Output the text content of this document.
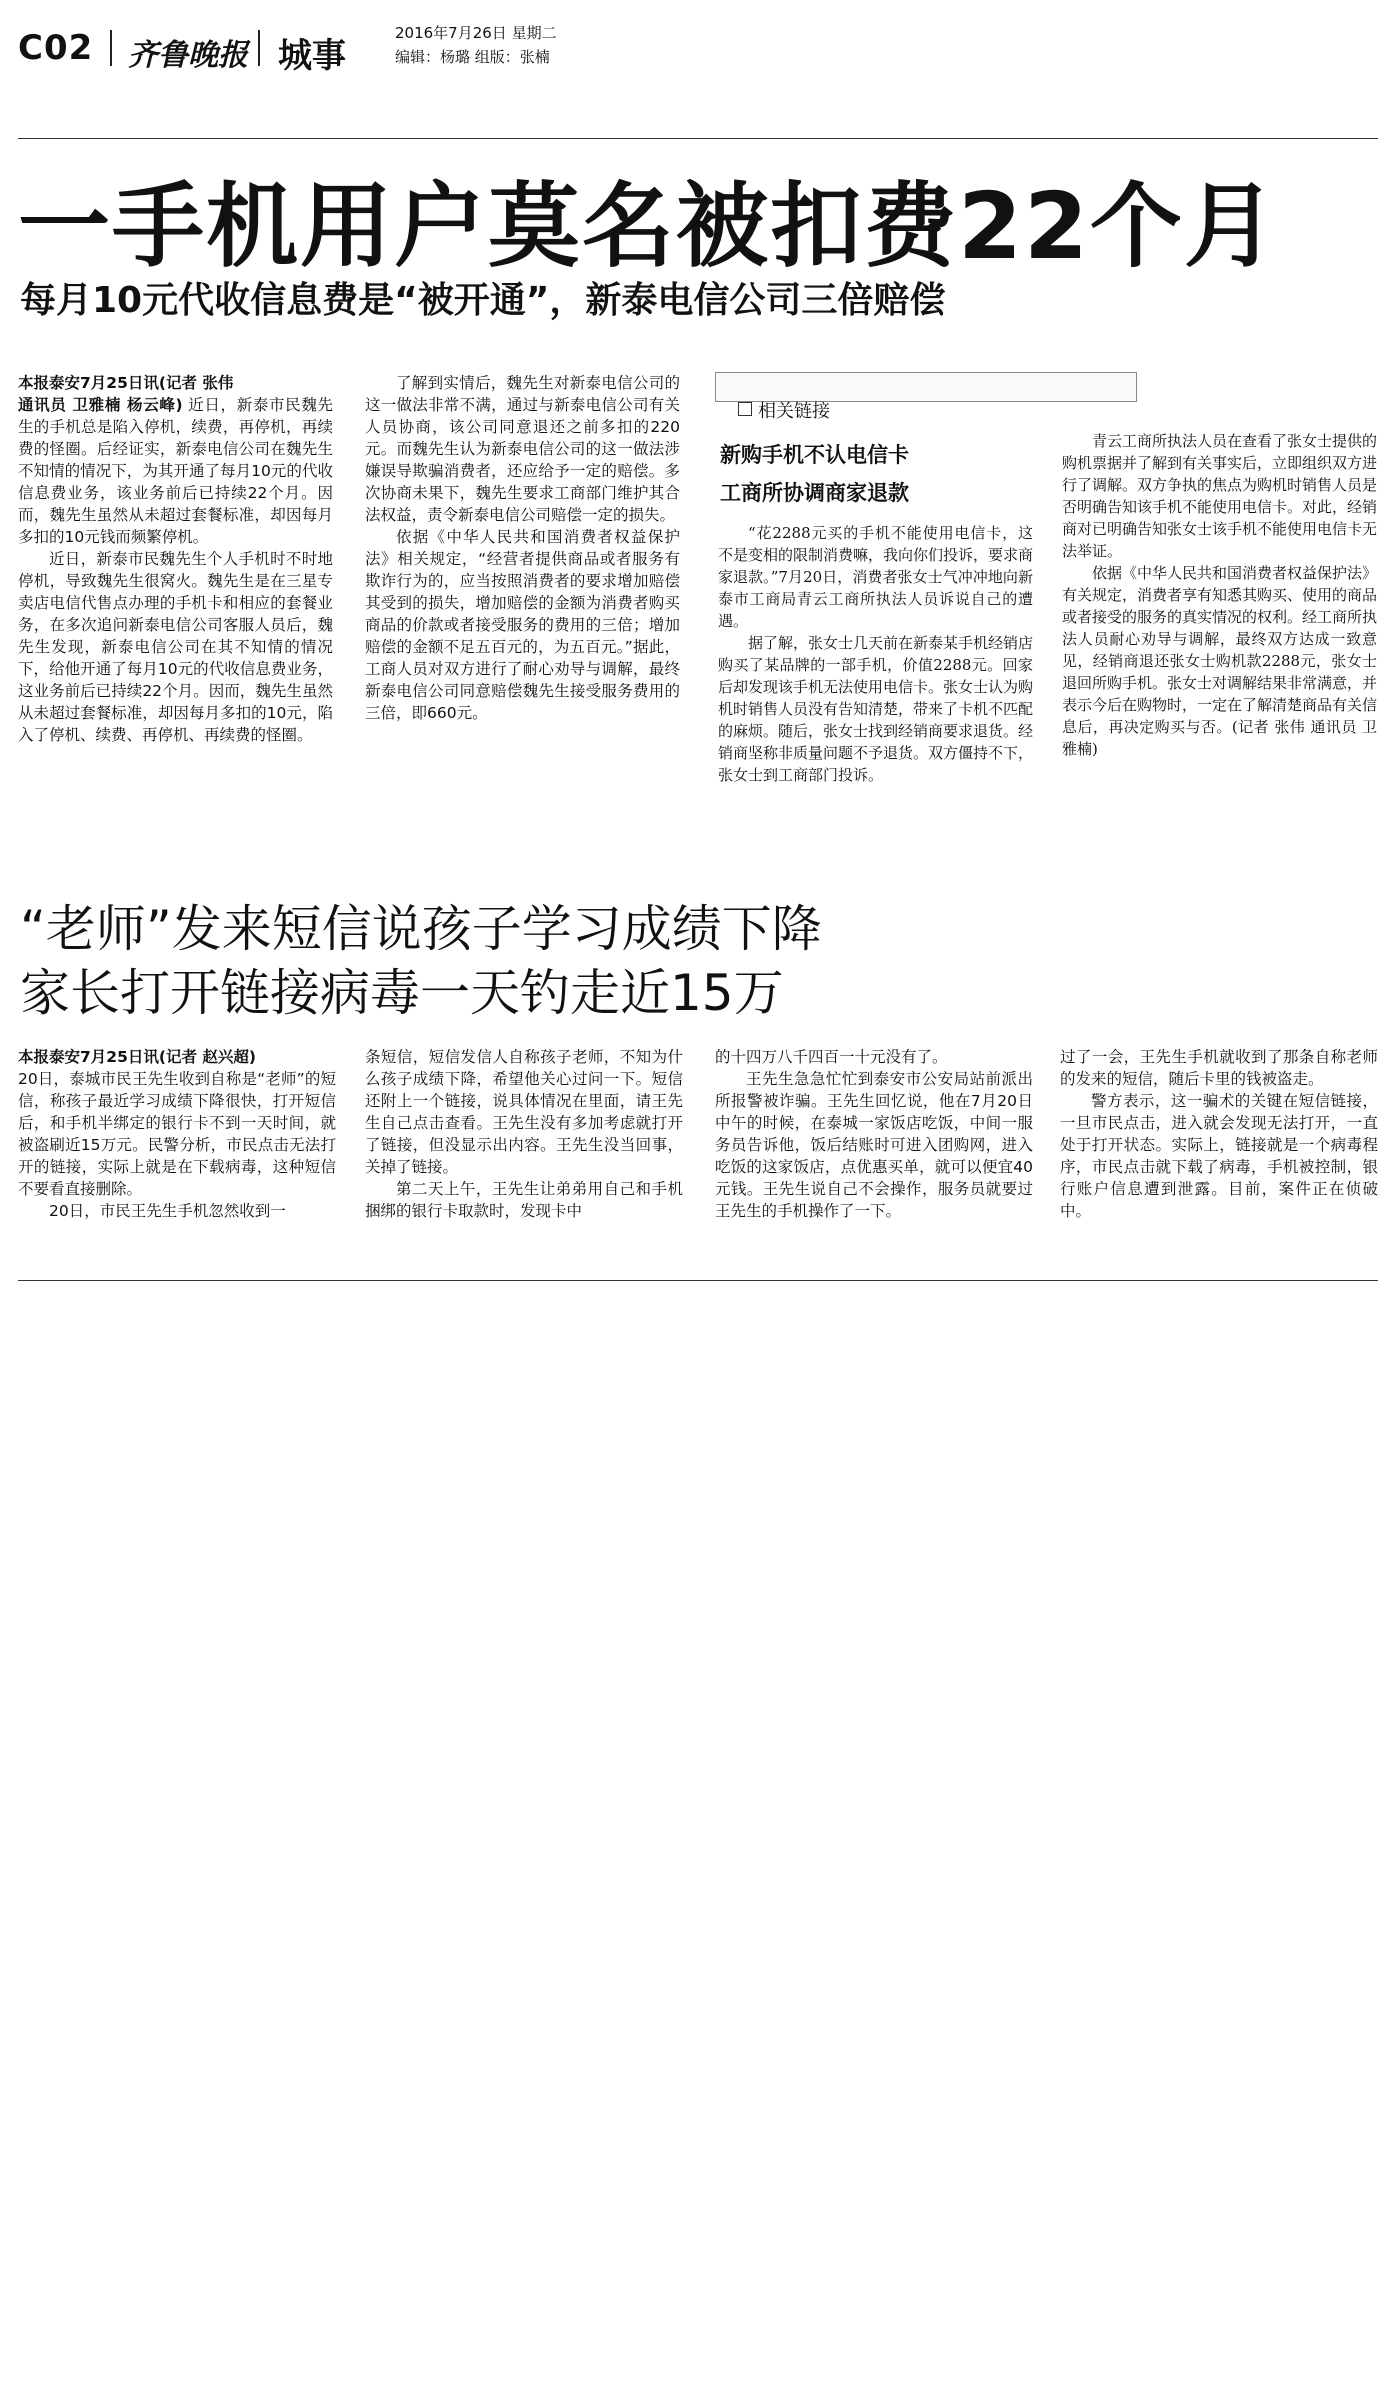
C02 齐鲁晚报 城事
2016年7月26日 星期二
编辑：杨璐 组版：张楠
一手机用户莫名被扣费22个月
每月10元代收信息费是“被开通”，新泰电信公司三倍赔偿

本报泰安7月25日讯(记者 张伟

通讯员 卫雅楠 杨云峰) 近日，新泰市民魏先生的手机总是陷入停机，续费，再停机，再续费的怪圈。后经证实，新泰电信公司在魏先生不知情的情况下，为其开通了每月10元的代收信息费业务，该业务前后已持续22个月。因而，魏先生虽然从未超过套餐标准，却因每月多扣的10元钱而频繁停机。

近日，新泰市民魏先生个人手机时不时地停机，导致魏先生很窝火。魏先生是在三星专卖店电信代售点办理的手机卡和相应的套餐业务，在多次追问新泰电信公司客服人员后，魏先生发现，新泰电信公司在其不知情的情况下，给他开通了每月10元的代收信息费业务，这业务前后已持续22个月。因而，魏先生虽然从未超过套餐标准，却因每月多扣的10元，陷入了停机、续费、再停机、再续费的怪圈。

了解到实情后，魏先生对新泰电信公司的这一做法非常不满，通过与新泰电信公司有关人员协商，该公司同意退还之前多扣的220元。而魏先生认为新泰电信公司的这一做法涉嫌误导欺骗消费者，还应给予一定的赔偿。多次协商未果下，魏先生要求工商部门维护其合法权益，责令新泰电信公司赔偿一定的损失。

依据《中华人民共和国消费者权益保护法》相关规定，“经营者提供商品或者服务有欺诈行为的，应当按照消费者的要求增加赔偿其受到的损失，增加赔偿的金额为消费者购买商品的价款或者接受服务的费用的三倍；增加赔偿的金额不足五百元的，为五百元。”据此，工商人员对双方进行了耐心劝导与调解，最终新泰电信公司同意赔偿魏先生接受服务费用的三倍，即660元。

相关链接
新购手机不认电信卡
工商所协调商家退款

“花2288元买的手机不能使用电信卡，这不是变相的限制消费嘛，我向你们投诉，要求商家退款。”7月20日，消费者张女士气冲冲地向新泰市工商局青云工商所执法人员诉说自己的遭遇。

据了解，张女士几天前在新泰某手机经销店购买了某品牌的一部手机，价值2288元。回家后却发现该手机无法使用电信卡。张女士认为购机时销售人员没有告知清楚，带来了卡机不匹配的麻烦。随后，张女士找到经销商要求退货。经销商坚称非质量问题不予退货。双方僵持不下，张女士到工商部门投诉。

青云工商所执法人员在查看了张女士提供的购机票据并了解到有关事实后，立即组织双方进行了调解。双方争执的焦点为购机时销售人员是否明确告知该手机不能使用电信卡。对此，经销商对已明确告知张女士该手机不能使用电信卡无法举证。

依据《中华人民共和国消费者权益保护法》有关规定，消费者享有知悉其购买、使用的商品或者接受的服务的真实情况的权利。经工商所执法人员耐心劝导与调解，最终双方达成一致意见，经销商退还张女士购机款2288元，张女士退回所购手机。张女士对调解结果非常满意，并表示今后在购物时，一定在了解清楚商品有关信息后，再决定购买与否。(记者 张伟 通讯员 卫雅楠)

“老师”发来短信说孩子学习成绩下降
家长打开链接病毒一天钓走近15万

本报泰安7月25日讯(记者 赵兴超)

20日，泰城市民王先生收到自称是“老师”的短信，称孩子最近学习成绩下降很快，打开短信后，和手机半绑定的银行卡不到一天时间，就被盗刷近15万元。民警分析，市民点击无法打开的链接，实际上就是在下载病毒，这种短信不要看直接删除。

20日，市民王先生手机忽然收到一

条短信，短信发信人自称孩子老师，不知为什么孩子成绩下降，希望他关心过问一下。短信还附上一个链接，说具体情况在里面，请王先生自己点击查看。王先生没有多加考虑就打开了链接，但没显示出内容。王先生没当回事，关掉了链接。

第二天上午，王先生让弟弟用自己和手机捆绑的银行卡取款时，发现卡中

的十四万八千四百一十元没有了。

王先生急急忙忙到泰安市公安局站前派出所报警被诈骗。王先生回忆说，他在7月20日中午的时候，在泰城一家饭店吃饭，中间一服务员告诉他，饭后结账时可进入团购网，进入吃饭的这家饭店，点优惠买单，就可以便宜40元钱。王先生说自己不会操作，服务员就要过王先生的手机操作了一下。

过了一会，王先生手机就收到了那条自称老师的发来的短信，随后卡里的钱被盗走。

警方表示，这一骗术的关键在短信链接，一旦市民点击，进入就会发现无法打开，一直处于打开状态。实际上，链接就是一个病毒程序，市民点击就下载了病毒，手机被控制，银行账户信息遭到泄露。目前，案件正在侦破中。
